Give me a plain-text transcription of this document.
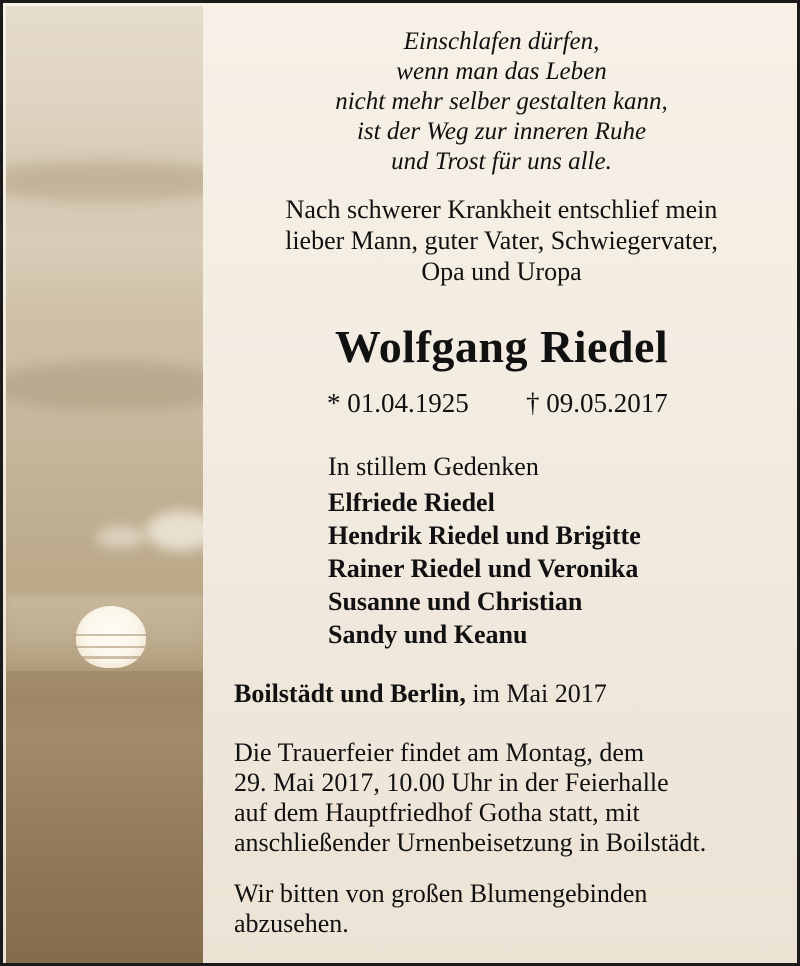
Einschlafen dürfen,
wenn man das Leben
nicht mehr selber gestalten kann,
ist der Weg zur inneren Ruhe
und Trost für uns alle.
Nach schwerer Krankheit entschlief mein
lieber Mann, guter Vater, Schwiegervater,
Opa und Uropa
Wolfgang Riedel
* 01.04.1925 † 09.05.2017
In stillem Gedenken
Elfriede Riedel
Hendrik Riedel und Brigitte
Rainer Riedel und Veronika
Susanne und Christian
Sandy und Keanu
Boilstädt und Berlin, im Mai 2017
Die Trauerfeier findet am Montag, dem
29. Mai 2017, 10.00 Uhr in der Feierhalle
auf dem Hauptfriedhof Gotha statt, mit
anschließender Urnenbeisetzung in Boilstädt.
Wir bitten von großen Blumengebinden
abzusehen.
